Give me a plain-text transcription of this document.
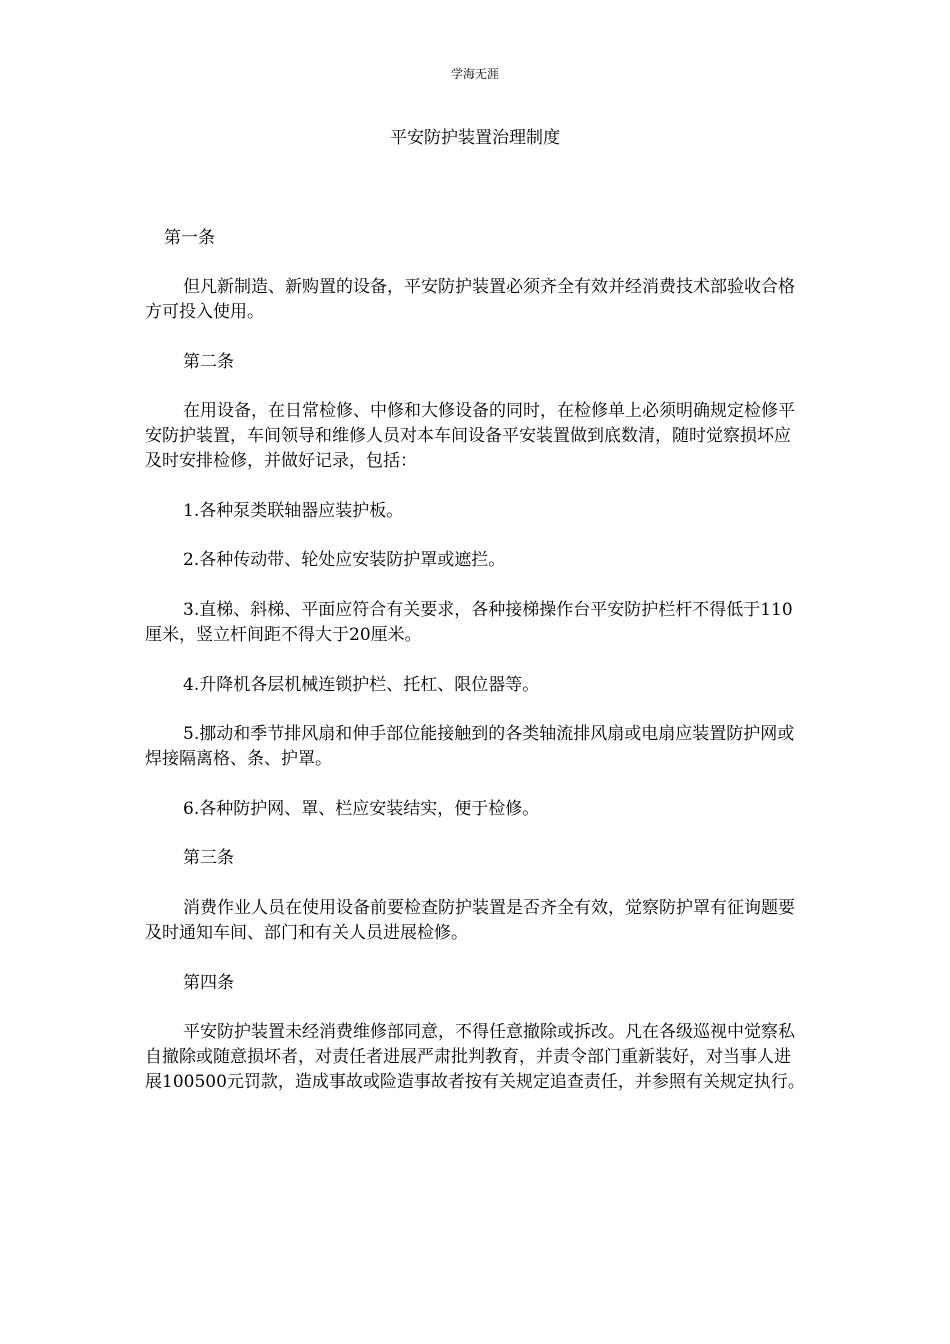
学海无涯
平安防护装置治理制度

第一条

但凡新制造、新购置的设备，平安防护装置必须齐全有效并经消费技术部验收合格方可投入使用。

第二条

在用设备，在日常检修、中修和大修设备的同时，在检修单上必须明确规定检修平安防护装置，车间领导和维修人员对本车间设备平安装置做到底数清，随时觉察损坏应及时安排检修，并做好记录，包括：

1.各种泵类联轴器应装护板。

2.各种传动带、轮处应安装防护罩或遮拦。

3.直梯、斜梯、平面应符合有关要求，各种接梯操作台平安防护栏杆不得低于110厘米，竖立杆间距不得大于20厘米。

4.升降机各层机械连锁护栏、托杠、限位器等。

5.挪动和季节排风扇和伸手部位能接触到的各类轴流排风扇或电扇应装置防护网或焊接隔离格、条、护罩。

6.各种防护网、罩、栏应安装结实，便于检修。

第三条

消费作业人员在使用设备前要检查防护装置是否齐全有效，觉察防护罩有征询题要及时通知车间、部门和有关人员进展检修。

第四条

平安防护装置未经消费维修部同意，不得任意撤除或拆改。凡在各级巡视中觉察私自撤除或随意损坏者，对责任者进展严肃批判教育，并责令部门重新装好，对当事人进展100500元罚款，造成事故或险造事故者按有关规定追查责任，并参照有关规定执行。
